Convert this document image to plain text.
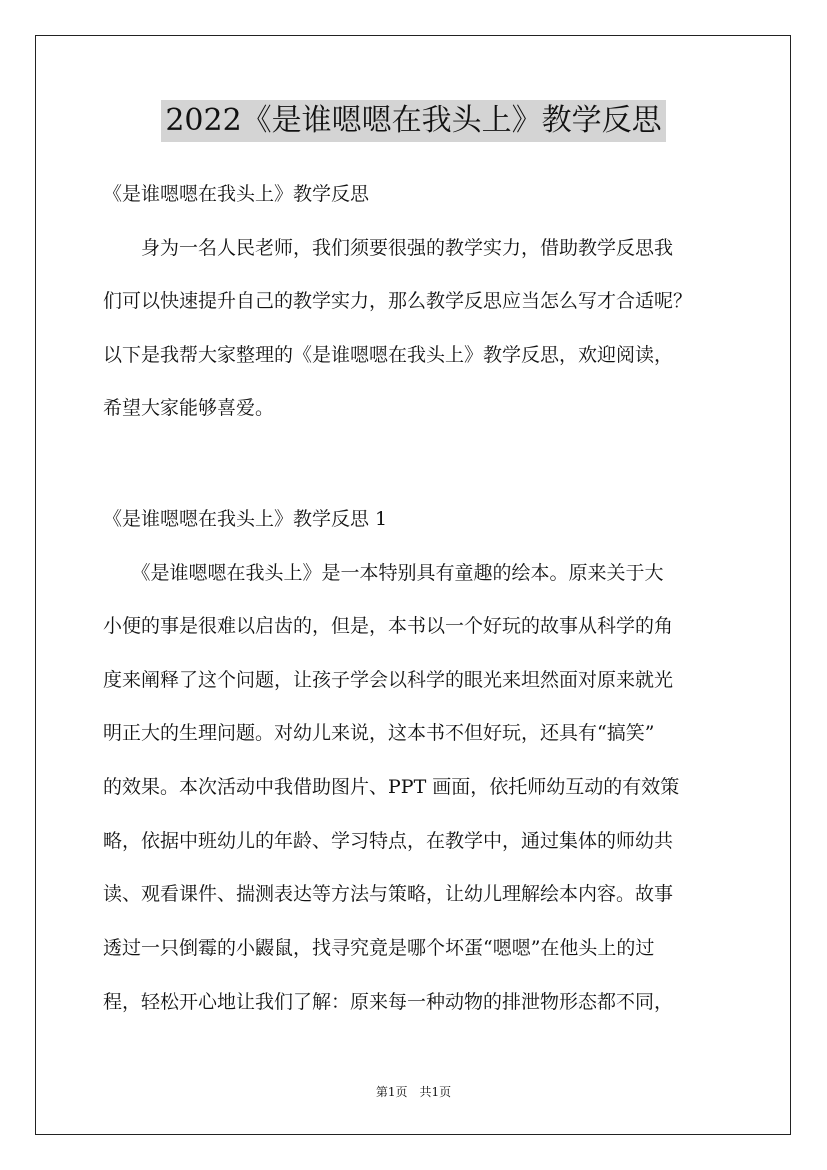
2022《是谁嗯嗯在我头上》教学反思
《是谁嗯嗯在我头上》教学反思
　　身为一名人民老师，我们须要很强的教学实力，借助教学反思我
们可以快速提升自己的教学实力，那么教学反思应当怎么写才合适呢？
以下是我帮大家整理的《是谁嗯嗯在我头上》教学反思，欢迎阅读，
希望大家能够喜爱。
《是谁嗯嗯在我头上》教学反思 1
　　《是谁嗯嗯在我头上》是一本特别具有童趣的绘本。原来关于大
小便的事是很难以启齿的，但是，本书以一个好玩的故事从科学的角
度来阐释了这个问题，让孩子学会以科学的眼光来坦然面对原来就光
明正大的生理问题。对幼儿来说，这本书不但好玩，还具有“搞笑”
的效果。本次活动中我借助图片、PPT 画面，依托师幼互动的有效策
略，依据中班幼儿的年龄、学习特点，在教学中，通过集体的师幼共
读、观看课件、揣测表达等方法与策略，让幼儿理解绘本内容。故事
透过一只倒霉的小鼹鼠，找寻究竟是哪个坏蛋“嗯嗯”在他头上的过
程，轻松开心地让我们了解：原来每一种动物的排泄物形态都不同，
第1页　共1页
